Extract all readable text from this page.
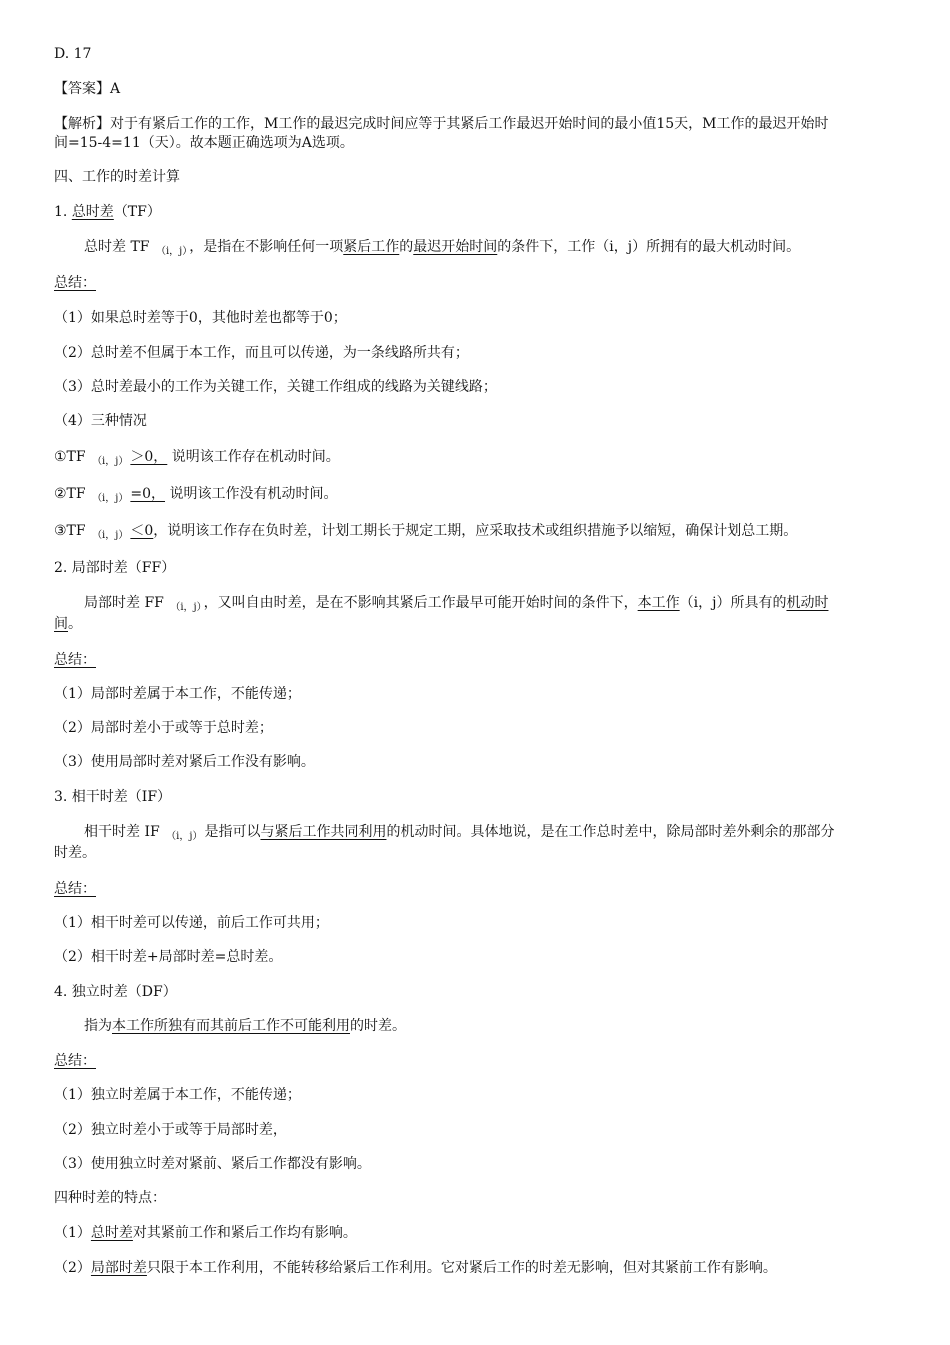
D. 17
【答案】A
【解析】对于有紧后工作的工作，M工作的最迟完成时间应等于其紧后工作最迟开始时间的最小值15天，M工作的最迟开始时
间=15-4=11（天）。故本题正确选项为A选项。
四、工作的时差计算
1. 总时差（TF）
总时差 TF $_{(i,j)}$ ，是指在不影响任何一项紧后工作的最迟开始时间的条件下，工作（i，j）所拥有的最大机动时间。
总结：
（1）如果总时差等于0，其他时差也都等于0；
（2）总时差不但属于本工作，而且可以传递，为一条线路所共有；
（3）总时差最小的工作为关键工作，关键工作组成的线路为关键线路；
（4）三种情况
①TF $_{(i,j)}$ ＞0， 说明该工作存在机动时间。
②TF $_{(i,j)}$ =0， 说明该工作没有机动时间。
③TF $_{(i,j)}$ ＜0，说明该工作存在负时差，计划工期长于规定工期，应采取技术或组织措施予以缩短，确保计划总工期。
2. 局部时差（FF）
局部时差 FF $_{(i,j)}$ ，又叫自由时差，是在不影响其紧后工作最早可能开始时间的条件下，本工作（i，j）所具有的机动时
间。
总结：
（1）局部时差属于本工作，不能传递；
（2）局部时差小于或等于总时差；
（3）使用局部时差对紧后工作没有影响。
3. 相干时差（IF）
相干时差 IF $_{(i,j)}$ 是指可以与紧后工作共同利用的机动时间。具体地说，是在工作总时差中，除局部时差外剩余的那部分
时差。
总结：
（1）相干时差可以传递，前后工作可共用；
（2）相干时差+局部时差=总时差。
4. 独立时差（DF）
指为本工作所独有而其前后工作不可能利用的时差。
总结：
（1）独立时差属于本工作，不能传递；
（2）独立时差小于或等于局部时差，
（3）使用独立时差对紧前、紧后工作都没有影响。
四种时差的特点：
（1）总时差对其紧前工作和紧后工作均有影响。
（2）局部时差只限于本工作利用，不能转移给紧后工作利用。它对紧后工作的时差无影响，但对其紧前工作有影响。
